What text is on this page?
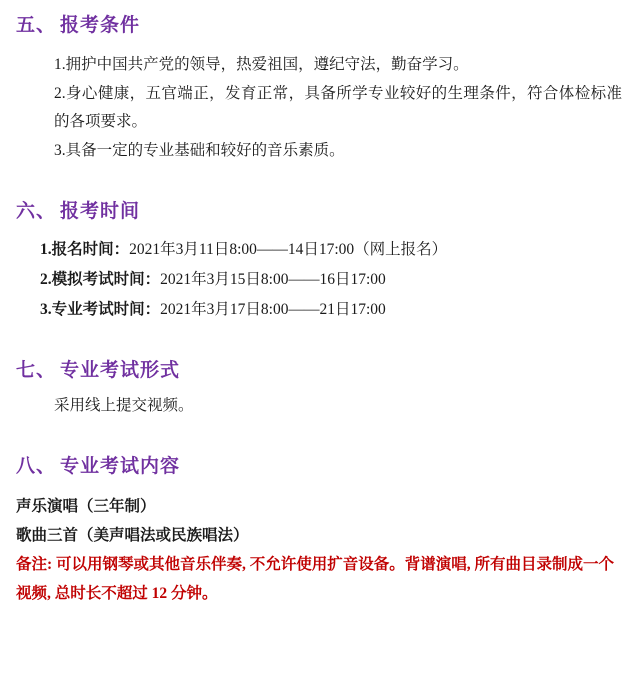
五、 报考条件
1.拥护中国共产党的领导，热爱祖国，遵纪守法，勤奋学习。
2.身心健康，五官端正，发育正常，具备所学专业较好的生理条件，符合体检标准的各项要求。
3.具备一定的专业基础和较好的音乐素质。
六、 报考时间
1.报名时间：2021年3月11日8:00——14日17:00（网上报名）
2.模拟考试时间：2021年3月15日8:00——16日17:00
3.专业考试时间：2021年3月17日8:00——21日17:00
七、 专业考试形式
采用线上提交视频。
八、 专业考试内容
声乐演唱（三年制）
歌曲三首（美声唱法或民族唱法）
备注: 可以用钢琴或其他音乐伴奏, 不允许使用扩音设备。背谱演唱, 所有曲目录制成一个视频, 总时长不超过 12 分钟。
